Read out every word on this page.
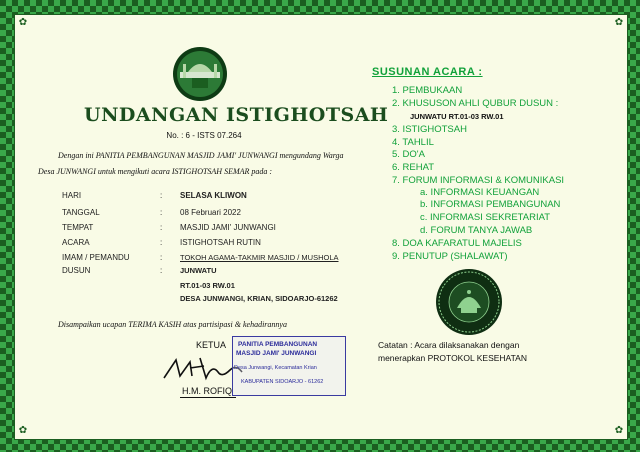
✿	✿
✿	✿
UNDANGAN ISTIGHOTSAH
No. : 6 - ISTS 07.264
Dengan ini PANITIA PEMBANGUNAN MASJID JAMI' JUNWANGI mengundang Warga
Desa JUNWANGI untuk mengikuti acara ISTIGHOTSAH SEMAR pada :
HARI	: SELASA KLIWON
TANGGAL	: 08 Februari 2022
TEMPAT	: MASJID JAMI' JUNWANGI
ACARA	: ISTIGHOTSAH RUTIN
IMAM / PEMANDU	: TOKOH AGAMA-TAKMIR MASJID / MUSHOLA
DUSUN	: JUNWATU
RT.01-03 RW.01
DESA JUNWANGI, KRIAN, SIDOARJO-61262
Disampaikan ucapan TERIMA KASIH atas partisipasi & kehadirannya
KETUA
H.M. ROFIQ
PANITIA PEMBANGUNAN
MASJID JAMI' JUNWANGI
Desa Junwangi, Kecamatan Krian
KABUPATEN SIDOARJO - 61262
SUSUNAN ACARA :
1. PEMBUKAAN
2. KHUSUSON AHLI QUBUR DUSUN :
JUNWATU RT.01-03 RW.01
3. ISTIGHOTSAH
4. TAHLIL
5. DO'A
6. REHAT
7. FORUM INFORMASI & KOMUNIKASI
a. INFORMASI KEUANGAN
b. INFORMASI PEMBANGUNAN
c. INFORMASI SEKRETARIAT
d. FORUM TANYA JAWAB
8. DOA KAFARATUL MAJELIS
9. PENUTUP (SHALAWAT)
Catatan : Acara dilaksanakan dengan
menerapkan PROTOKOL KESEHATAN
